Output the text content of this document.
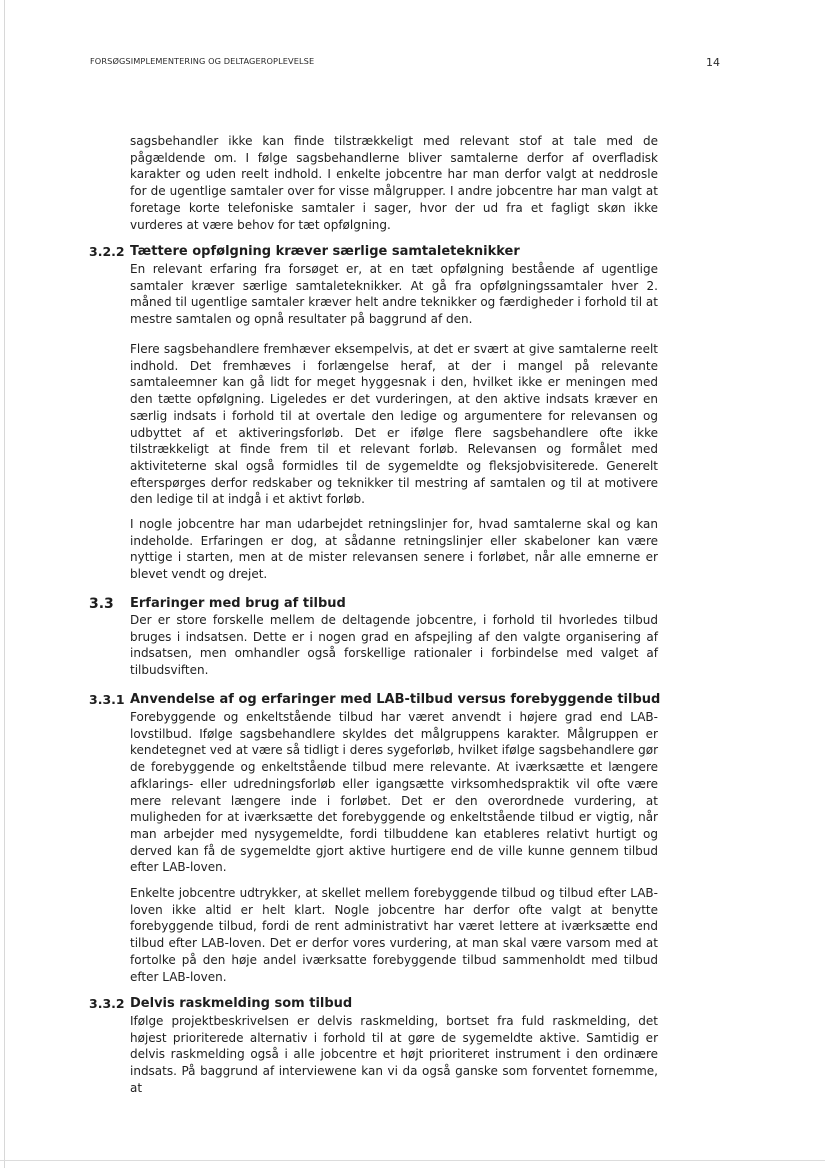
FORSØGSIMPLEMENTERING OG DELTAGEROPLEVELSE	14

sagsbehandler ikke kan finde tilstrækkeligt med relevant stof at tale med de pågældende om. I følge sagsbehandlerne bliver samtalerne derfor af overfladisk karakter og uden reelt indhold. I enkelte jobcentre har man derfor valgt at neddrosle for de ugentlige samtaler over for visse målgrupper. I andre jobcentre har man valgt at foretage korte telefoniske samtaler i sager, hvor der ud fra et fagligt skøn ikke vurderes at være behov for tæt opfølgning.

3.2.2 Tættere opfølgning kræver særlige samtaleteknikker

En relevant erfaring fra forsøget er, at en tæt opfølgning bestående af ugentlige samtaler kræver særlige samtaleteknikker. At gå fra opfølgningssamtaler hver 2. måned til ugentlige samtaler kræver helt andre teknikker og færdigheder i forhold til at mestre samtalen og opnå resultater på baggrund af den.

Flere sagsbehandlere fremhæver eksempelvis, at det er svært at give samtalerne reelt indhold. Det fremhæves i forlængelse heraf, at der i mangel på relevante samtaleemner kan gå lidt for meget hyggesnak i den, hvilket ikke er meningen med den tætte opfølgning. Ligeledes er det vurderingen, at den aktive indsats kræver en særlig indsats i forhold til at overtale den ledige og argumentere for relevansen og udbyttet af et aktiveringsforløb. Det er ifølge flere sagsbehandlere ofte ikke tilstrækkeligt at finde frem til et relevant forløb. Relevansen og formålet med aktiviteterne skal også formidles til de sygemeldte og fleksjobvisiterede. Generelt efterspørges derfor redskaber og teknikker til mestring af samtalen og til at motivere den ledige til at indgå i et aktivt forløb.

I nogle jobcentre har man udarbejdet retningslinjer for, hvad samtalerne skal og kan indeholde. Erfaringen er dog, at sådanne retningslinjer eller skabeloner kan være nyttige i starten, men at de mister relevansen senere i forløbet, når alle emnerne er blevet vendt og drejet.

3.3 Erfaringer med brug af tilbud

Der er store forskelle mellem de deltagende jobcentre, i forhold til hvorledes tilbud bruges i indsatsen. Dette er i nogen grad en afspejling af den valgte organisering af indsatsen, men omhandler også forskellige rationaler i forbindelse med valget af tilbudsviften.

3.3.1 Anvendelse af og erfaringer med LAB-tilbud versus forebyggende tilbud

Forebyggende og enkeltstående tilbud har været anvendt i højere grad end LAB-lovstilbud. Ifølge sagsbehandlere skyldes det målgruppens karakter. Målgruppen er kendetegnet ved at være så tidligt i deres sygeforløb, hvilket ifølge sagsbehandlere gør de forebyggende og enkeltstående tilbud mere relevante. At iværksætte et længere afklarings- eller udredningsforløb eller igangsætte virksomhedspraktik vil ofte være mere relevant længere inde i forløbet. Det er den overordnede vurdering, at muligheden for at iværksætte det forebyggende og enkeltstående tilbud er vigtig, når man arbejder med nysygemeldte, fordi tilbuddene kan etableres relativt hurtigt og derved kan få de sygemeldte gjort aktive hurtigere end de ville kunne gennem tilbud efter LAB-loven.

Enkelte jobcentre udtrykker, at skellet mellem forebyggende tilbud og tilbud efter LAB-loven ikke altid er helt klart. Nogle jobcentre har derfor ofte valgt at benytte forebyggende tilbud, fordi de rent administrativt har været lettere at iværksætte end tilbud efter LAB-loven. Det er derfor vores vurdering, at man skal være varsom med at fortolke på den høje andel iværksatte forebyggende tilbud sammenholdt med tilbud efter LAB-loven.

3.3.2 Delvis raskmelding som tilbud

Ifølge projektbeskrivelsen er delvis raskmelding, bortset fra fuld raskmelding, det højest prioriterede alternativ i forhold til at gøre de sygemeldte aktive. Samtidig er delvis raskmelding også i alle jobcentre et højt prioriteret instrument i den ordinære indsats. På baggrund af interviewene kan vi da også ganske som forventet fornemme, at
